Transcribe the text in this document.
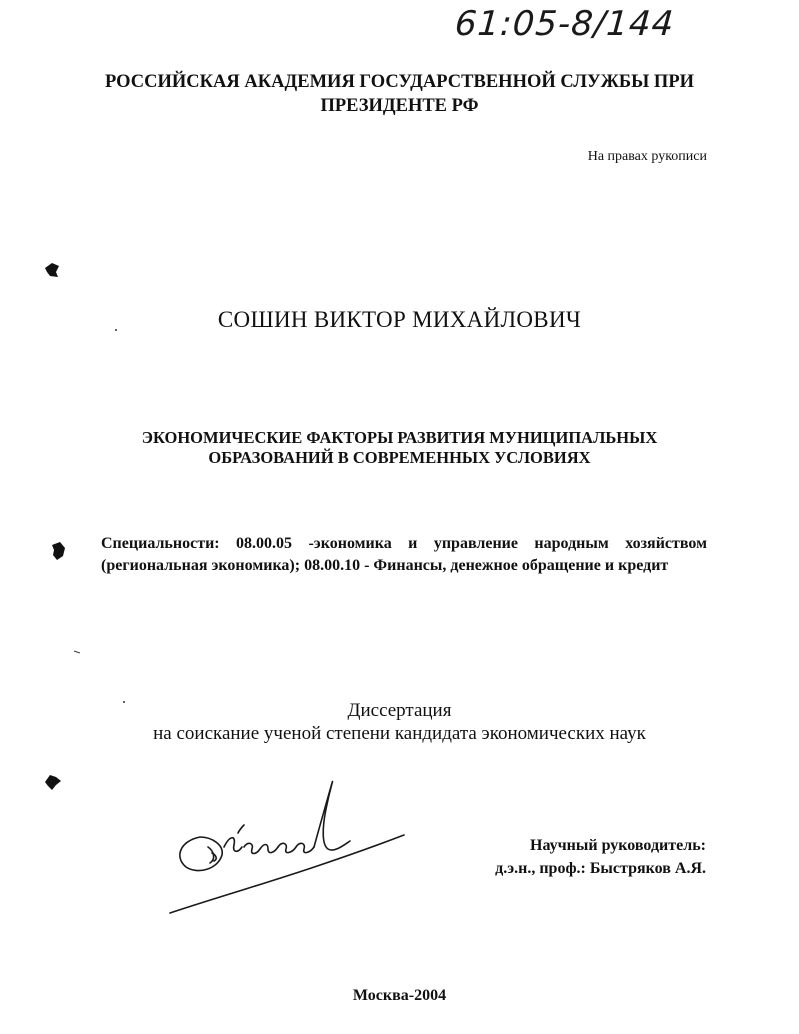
61:05-8/144
РОССИЙСКАЯ АКАДЕМИЯ ГОСУДАРСТВЕННОЙ СЛУЖБЫ ПРИ
ПРЕЗИДЕНТЕ РФ
На правах рукописи
СОШИН ВИКТОР МИХАЙЛОВИЧ
ЭКОНОМИЧЕСКИЕ ФАКТОРЫ РАЗВИТИЯ МУНИЦИПАЛЬНЫХ
ОБРАЗОВАНИЙ В СОВРЕМЕННЫХ УСЛОВИЯХ
Специальности: 08.00.05 -экономика и управление народным хозяйством (региональная экономика); 08.00.10 - Финансы, денежное обращение и кредит
Диссертация
на соискание ученой степени кандидата экономических наук
Научный руководитель:
д.э.н., проф.: Быстряков А.Я.
Москва-2004
